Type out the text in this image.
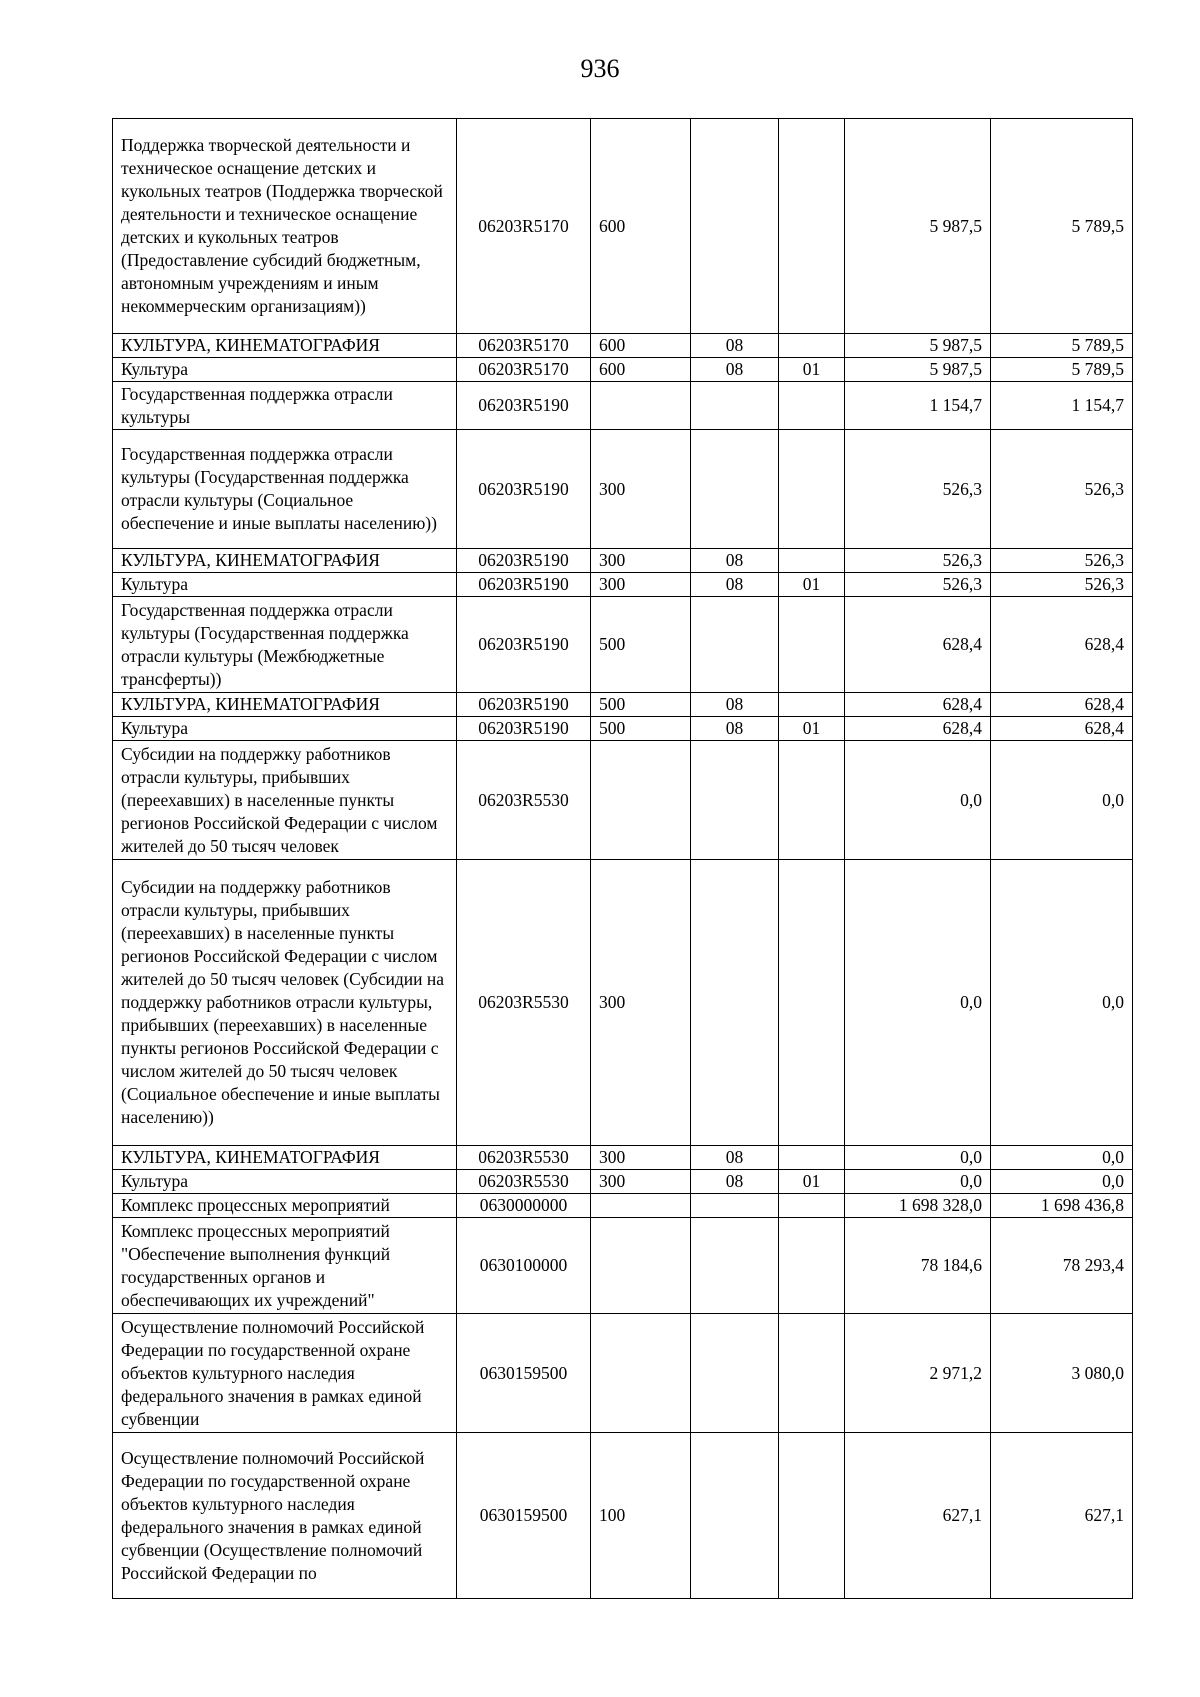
936
Поддержка творческой деятельности и техническое оснащение детских и кукольных театров (Поддержка творческой деятельности и техническое оснащение детских и кукольных театров (Предоставление субсидий бюджетным, автономным учреждениям и иным некоммерческим организациям))	06203R5170	600			5 987,5	5 789,5
КУЛЬТУРА, КИНЕМАТОГРАФИЯ	06203R5170	600	08		5 987,5	5 789,5
Культура	06203R5170	600	08	01	5 987,5	5 789,5
Государственная поддержка отрасли культуры	06203R5190				1 154,7	1 154,7
Государственная поддержка отрасли культуры (Государственная поддержка отрасли культуры (Социальное обеспечение и иные выплаты населению))	06203R5190	300			526,3	526,3
КУЛЬТУРА, КИНЕМАТОГРАФИЯ	06203R5190	300	08		526,3	526,3
Культура	06203R5190	300	08	01	526,3	526,3
Государственная поддержка отрасли культуры (Государственная поддержка отрасли культуры (Межбюджетные трансферты))	06203R5190	500			628,4	628,4
КУЛЬТУРА, КИНЕМАТОГРАФИЯ	06203R5190	500	08		628,4	628,4
Культура	06203R5190	500	08	01	628,4	628,4
Субсидии на поддержку работников отрасли культуры, прибывших (переехавших) в населенные пункты регионов Российской Федерации с числом жителей до 50 тысяч человек	06203R5530				0,0	0,0
Субсидии на поддержку работников отрасли культуры, прибывших (переехавших) в населенные пункты регионов Российской Федерации с числом жителей до 50 тысяч человек (Субсидии на поддержку работников отрасли культуры, прибывших (переехавших) в населенные пункты регионов Российской Федерации с числом жителей до 50 тысяч человек (Социальное обеспечение и иные выплаты населению))	06203R5530	300			0,0	0,0
КУЛЬТУРА, КИНЕМАТОГРАФИЯ	06203R5530	300	08		0,0	0,0
Культура	06203R5530	300	08	01	0,0	0,0
Комплекс процессных мероприятий	0630000000				1 698 328,0	1 698 436,8
Комплекс процессных мероприятий "Обеспечение выполнения функций государственных органов и обеспечивающих их учреждений"	0630100000				78 184,6	78 293,4
Осуществление полномочий Российской Федерации по государственной охране объектов культурного наследия федерального значения в рамках единой субвенции	0630159500				2 971,2	3 080,0
Осуществление полномочий Российской Федерации по государственной охране объектов культурного наследия федерального значения в рамках единой субвенции (Осуществление полномочий Российской Федерации по	0630159500	100			627,1	627,1
